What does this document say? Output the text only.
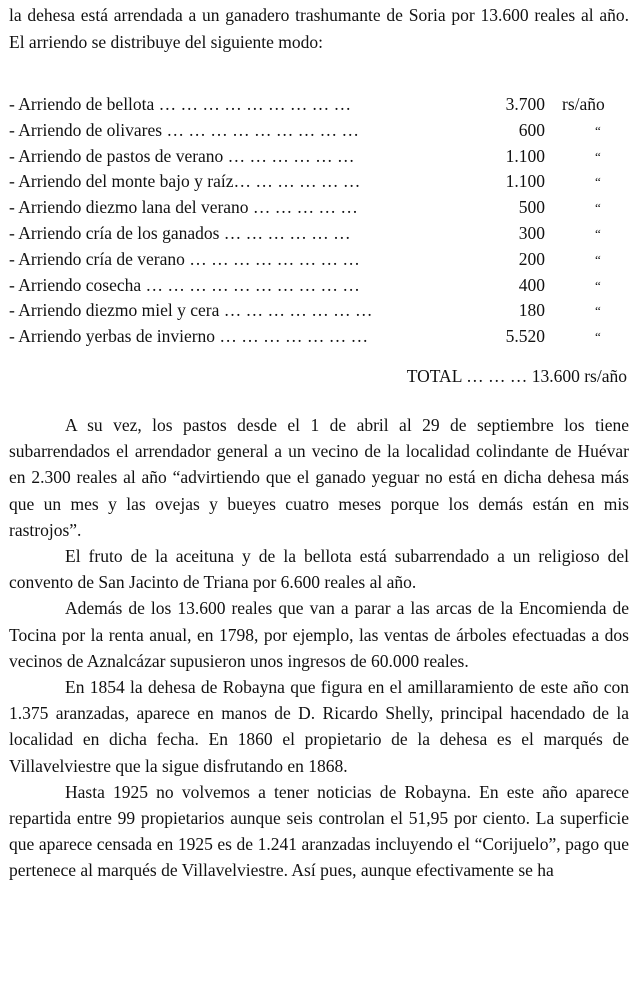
la dehesa está arrendada a un ganadero trashumante de Soria por 13.600 reales al año. El arriendo se distribuye del siguiente modo:
- Arriendo de bellota … … … … … … … … …	3.700 rs/año
- Arriendo de olivares … … … … … … … … …	600	“
- Arriendo de pastos de verano … … … … … …	1.100	“
- Arriendo del monte bajo y raíz… … … … … …	1.100	“
- Arriendo diezmo lana del verano … … … … …	500	“
- Arriendo cría de los ganados … … … … … …	300	“
- Arriendo cría de verano … … … … … … … …	200	“
- Arriendo cosecha … … … … … … … … … …	400	“
- Arriendo diezmo miel y cera … … … … … … …	180	“
- Arriendo yerbas de invierno … … … … … … …	5.520	“
TOTAL … … … 13.600 rs/año

A su vez, los pastos desde el 1 de abril al 29 de septiembre los tiene subarrendados el arrendador general a un vecino de la localidad colindante de Huévar en 2.300 reales al año “advirtiendo que el ganado yeguar no está en dicha dehesa más que un mes y las ovejas y bueyes cuatro meses porque los demás están en mis rastrojos”.

El fruto de la aceituna y de la bellota está subarrendado a un religioso del convento de San Jacinto de Triana por 6.600 reales al año.

Además de los 13.600 reales que van a parar a las arcas de la Encomienda de Tocina por la renta anual, en 1798, por ejemplo, las ventas de árboles efectuadas a dos vecinos de Aznalcázar supusieron unos ingresos de 60.000 reales.

En 1854 la dehesa de Robayna que figura en el amillaramiento de este año con 1.375 aranzadas, aparece en manos de D. Ricardo Shelly, principal hacendado de la localidad en dicha fecha. En 1860 el propietario de la dehesa es el marqués de Villavelviestre que la sigue disfrutando en 1868.

Hasta 1925 no volvemos a tener noticias de Robayna. En este año aparece repartida entre 99 propietarios aunque seis controlan el 51,95 por ciento. La superficie que aparece censada en 1925 es de 1.241 aranzadas incluyendo el “Corijuelo”, pago que pertenece al marqués de Villavelviestre. Así pues, aunque efectivamente se ha
